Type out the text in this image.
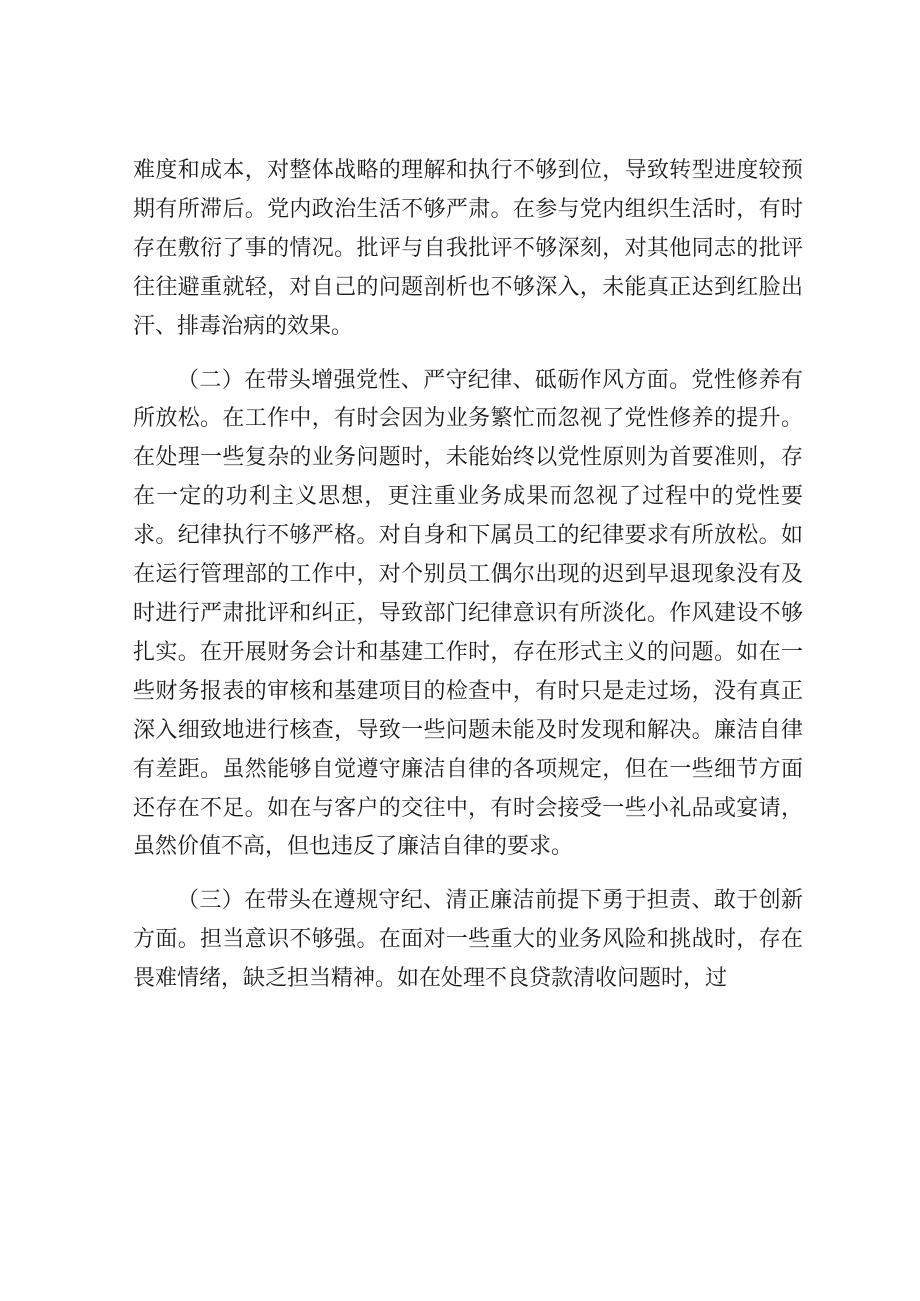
难度和成本，对整体战略的理解和执行不够到位，导致转型进度较预期有所滞后。党内政治生活不够严肃。在参与党内组织生活时，有时存在敷衍了事的情况。批评与自我批评不够深刻，对其他同志的批评往往避重就轻，对自己的问题剖析也不够深入，未能真正达到红脸出汗、排毒治病的效果。

（二）在带头增强党性、严守纪律、砥砺作风方面。党性修养有所放松。在工作中，有时会因为业务繁忙而忽视了党性修养的提升。在处理一些复杂的业务问题时，未能始终以党性原则为首要准则，存在一定的功利主义思想，更注重业务成果而忽视了过程中的党性要求。纪律执行不够严格。对自身和下属员工的纪律要求有所放松。如在运行管理部的工作中，对个别员工偶尔出现的迟到早退现象没有及时进行严肃批评和纠正，导致部门纪律意识有所淡化。作风建设不够扎实。在开展财务会计和基建工作时，存在形式主义的问题。如在一些财务报表的审核和基建项目的检查中，有时只是走过场，没有真正深入细致地进行核查，导致一些问题未能及时发现和解决。廉洁自律有差距。虽然能够自觉遵守廉洁自律的各项规定，但在一些细节方面还存在不足。如在与客户的交往中，有时会接受一些小礼品或宴请，虽然价值不高，但也违反了廉洁自律的要求。

（三）在带头在遵规守纪、清正廉洁前提下勇于担责、敢于创新方面。担当意识不够强。在面对一些重大的业务风险和挑战时，存在畏难情绪，缺乏担当精神。如在处理不良贷款清收问题时，过
